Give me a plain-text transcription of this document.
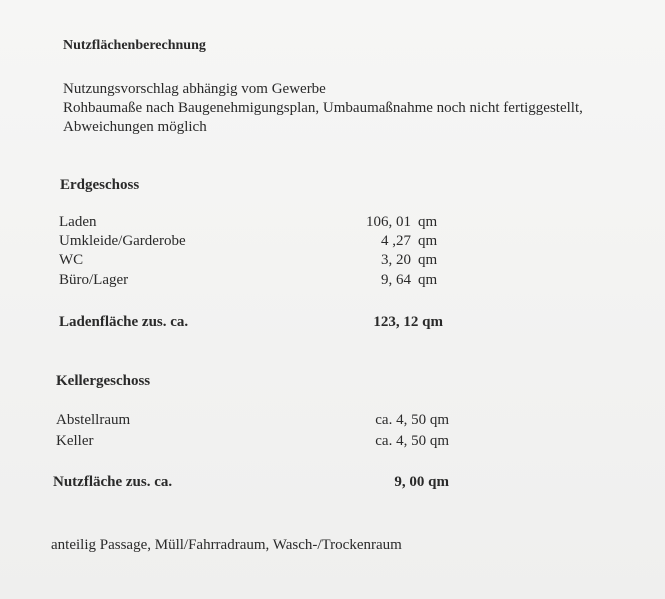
Nutzflächenberechnung
Nutzungsvorschlag abhängig vom Gewerbe
Rohbaumaße nach Baugenehmigungsplan, Umbaumaßnahme noch nicht fertiggestellt,
Abweichungen möglich
Erdgeschoss
Laden	106, 01 qm
Umkleide/Garderobe	4 ,27 qm
WC	3, 20 qm
Büro/Lager	9, 64 qm
Ladenfläche zus. ca.	123, 12 qm
Kellergeschoss
Abstellraum	ca. 4, 50 qm
Keller	ca. 4, 50 qm
Nutzfläche zus. ca.	9, 00 qm
anteilig Passage, Müll/Fahrradraum, Wasch-/Trockenraum
